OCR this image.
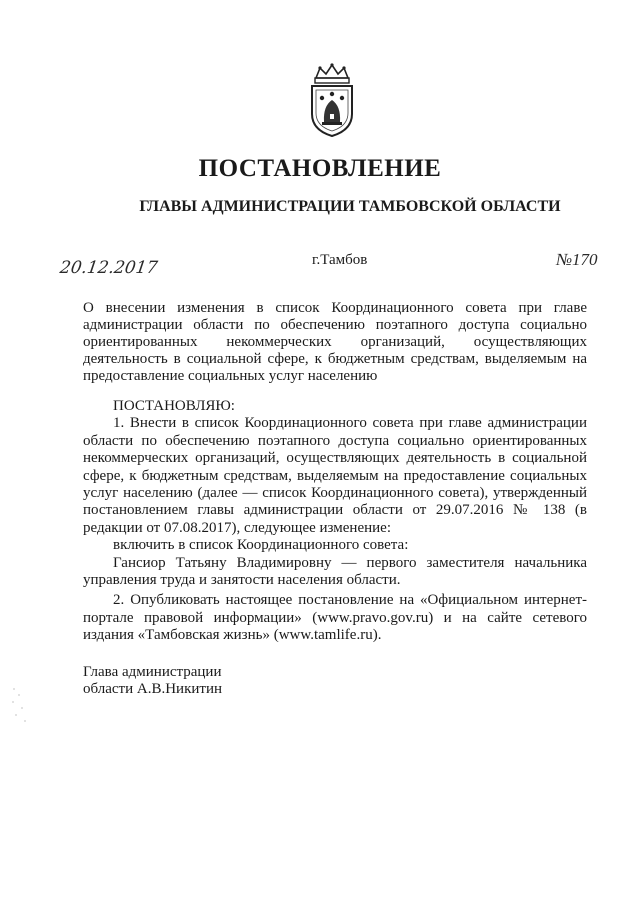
ПОСТАНОВЛЕНИЕ
ГЛАВЫ АДМИНИСТРАЦИИ ТАМБОВСКОЙ ОБЛАСТИ
20.12.2017	г.Тамбов	№170
О внесении изменения в список Координационного совета при главе администрации области по обеспечению поэтапного доступа социально ориентированных некоммерческих организаций, осуществляющих деятельность в социальной сфере, к бюджетным средствам, выделяемым на предоставление социальных услуг населению

ПОСТАНОВЛЯЮ:

1. Внести в список Координационного совета при главе администрации области по обеспечению поэтапного доступа социально ориентированных некоммерческих организаций, осуществляющих деятельность в социальной сфере, к бюджетным средствам, выделяемым на предоставление социальных услуг населению (далее — список Координационного совета), утвержденный постановлением главы администрации области от 29.07.2016 № 138 (в редакции от 07.08.2017), следующее изменение:

включить в список Координационного совета:

Гансиор Татьяну Владимировну — первого заместителя начальника управления труда и занятости населения области.

2. Опубликовать настоящее постановление на «Официальном интернет-портале правовой информации» (www.pravo.gov.ru) и на сайте сетевого издания «Тамбовская жизнь» (www.tamlife.ru).

Глава администрации
области А.В.Никитин
